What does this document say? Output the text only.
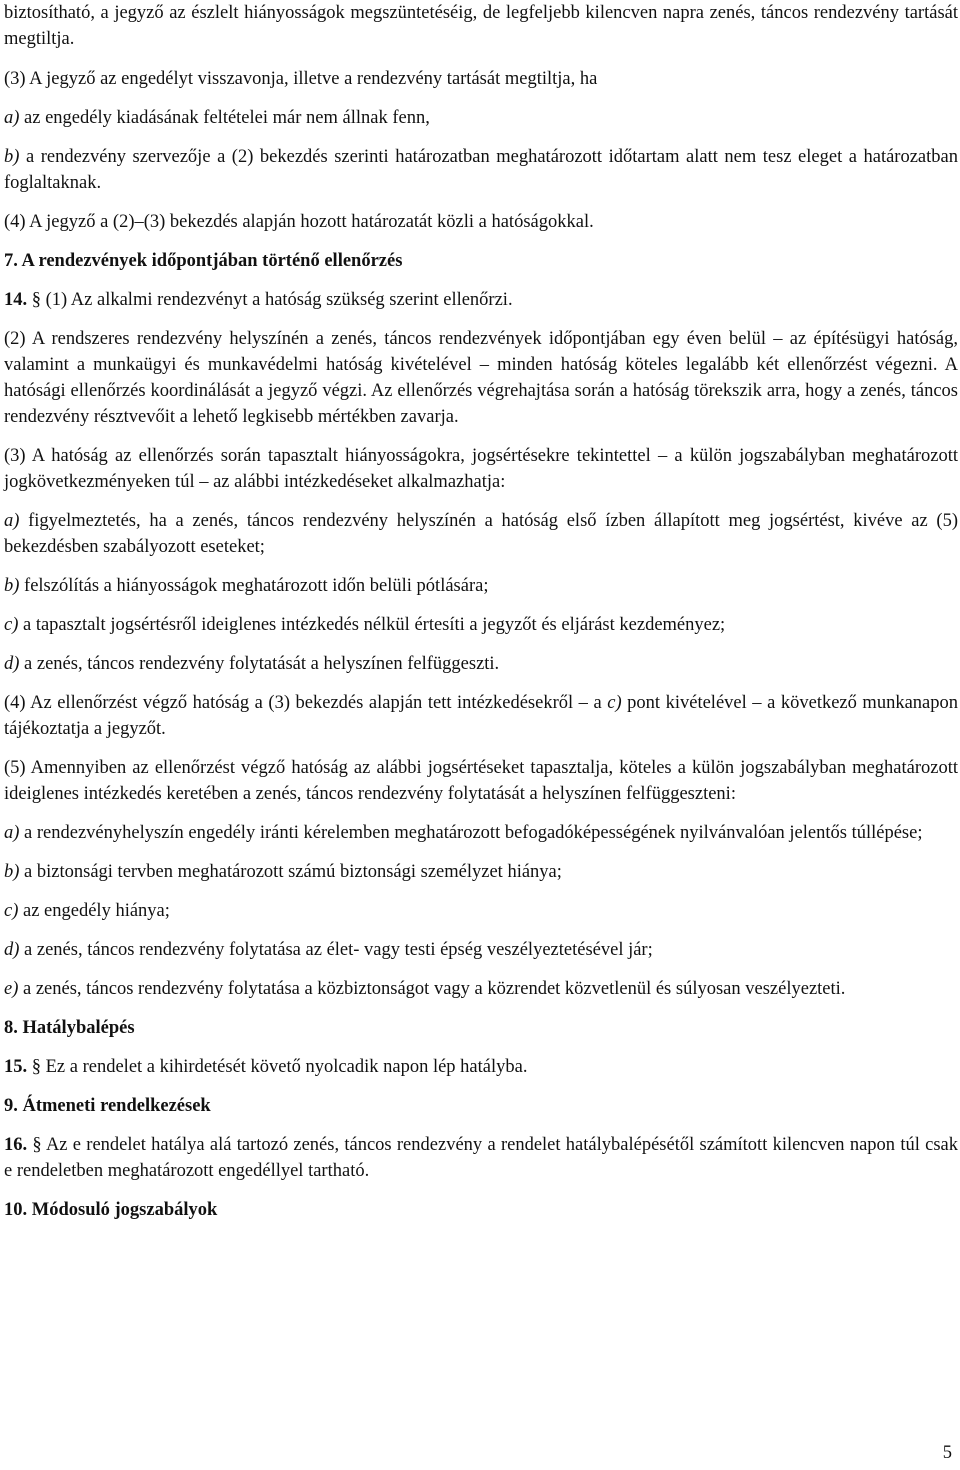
biztosítható, a jegyző az észlelt hiányosságok megszüntetéséig, de legfeljebb kilencven napra zenés, táncos rendezvény tartását megtiltja.

(3) A jegyző az engedélyt visszavonja, illetve a rendezvény tartását megtiltja, ha

a) az engedély kiadásának feltételei már nem állnak fenn,

b) a rendezvény szervezője a (2) bekezdés szerinti határozatban meghatározott időtartam alatt nem tesz eleget a határozatban foglaltaknak.

(4) A jegyző a (2)–(3) bekezdés alapján hozott határozatát közli a hatóságokkal.

7. A rendezvények időpontjában történő ellenőrzés

14. § (1) Az alkalmi rendezvényt a hatóság szükség szerint ellenőrzi.

(2) A rendszeres rendezvény helyszínén a zenés, táncos rendezvények időpontjában egy éven belül – az építésügyi hatóság, valamint a munkaügyi és munkavédelmi hatóság kivételével – minden hatóság köteles legalább két ellenőrzést végezni. A hatósági ellenőrzés koordinálását a jegyző végzi. Az ellenőrzés végrehajtása során a hatóság törekszik arra, hogy a zenés, táncos rendezvény résztvevőit a lehető legkisebb mértékben zavarja.

(3) A hatóság az ellenőrzés során tapasztalt hiányosságokra, jogsértésekre tekintettel – a külön jogszabályban meghatározott jogkövetkezményeken túl – az alábbi intézkedéseket alkalmazhatja:

a) figyelmeztetés, ha a zenés, táncos rendezvény helyszínén a hatóság első ízben állapított meg jogsértést, kivéve az (5) bekezdésben szabályozott eseteket;

b) felszólítás a hiányosságok meghatározott időn belüli pótlására;

c) a tapasztalt jogsértésről ideiglenes intézkedés nélkül értesíti a jegyzőt és eljárást kezdeményez;

d) a zenés, táncos rendezvény folytatását a helyszínen felfüggeszti.

(4) Az ellenőrzést végző hatóság a (3) bekezdés alapján tett intézkedésekről – a c) pont kivételével – a következő munkanapon tájékoztatja a jegyzőt.

(5) Amennyiben az ellenőrzést végző hatóság az alábbi jogsértéseket tapasztalja, köteles a külön jogszabályban meghatározott ideiglenes intézkedés keretében a zenés, táncos rendezvény folytatását a helyszínen felfüggeszteni:

a) a rendezvényhelyszín engedély iránti kérelemben meghatározott befogadóképességének nyilvánvalóan jelentős túllépése;

b) a biztonsági tervben meghatározott számú biztonsági személyzet hiánya;

c) az engedély hiánya;

d) a zenés, táncos rendezvény folytatása az élet- vagy testi épség veszélyeztetésével jár;

e) a zenés, táncos rendezvény folytatása a közbiztonságot vagy a közrendet közvetlenül és súlyosan veszélyezteti.

8. Hatálybalépés

15. § Ez a rendelet a kihirdetését követő nyolcadik napon lép hatályba.

9. Átmeneti rendelkezések

16. § Az e rendelet hatálya alá tartozó zenés, táncos rendezvény a rendelet hatálybalépésétől számított kilencven napon túl csak e rendeletben meghatározott engedéllyel tartható.

10. Módosuló jogszabályok

5
